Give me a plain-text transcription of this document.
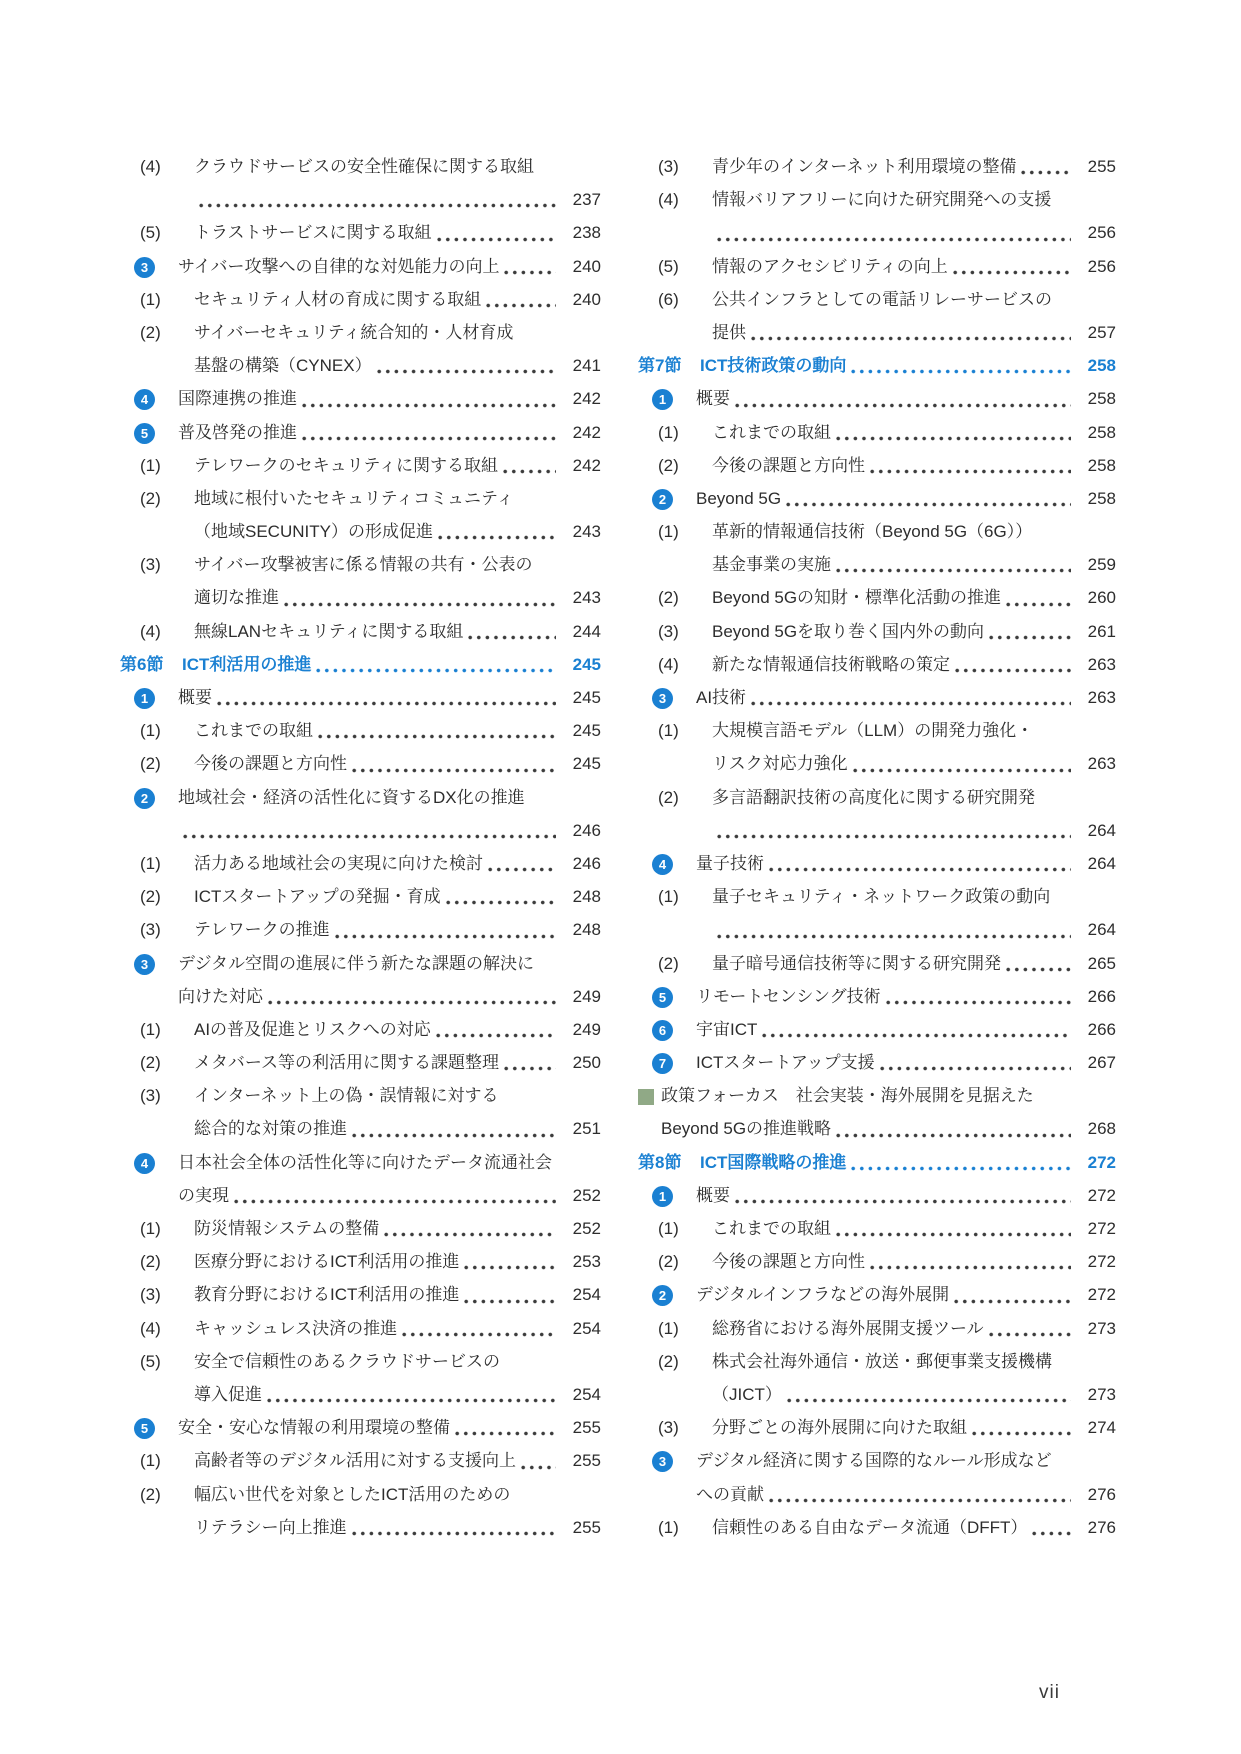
(4)	クラウドサービスの安全性確保に関する取組
237
(5)	トラストサービスに関する取組	238
3	サイバー攻撃への自律的な対処能力の向上	240
(1)	セキュリティ人材の育成に関する取組	240
(2)	サイバーセキュリティ統合知的・人材育成
基盤の構築（CYNEX）	241
4	国際連携の推進	242
5	普及啓発の推進	242
(1)	テレワークのセキュリティに関する取組	242
(2)	地域に根付いたセキュリティコミュニティ
（地域SECUNITY）の形成促進	243
(3)	サイバー攻撃被害に係る情報の共有・公表の
適切な推進	243
(4)	無線LANセキュリティに関する取組	244
第6節	ICT利活用の推進	245
1	概要	245
(1)	これまでの取組	245
(2)	今後の課題と方向性	245
2	地域社会・経済の活性化に資するDX化の推進
246
(1)	活力ある地域社会の実現に向けた検討	246
(2)	ICTスタートアップの発掘・育成	248
(3)	テレワークの推進	248
3	デジタル空間の進展に伴う新たな課題の解決に
向けた対応	249
(1)	AIの普及促進とリスクへの対応	249
(2)	メタバース等の利活用に関する課題整理	250
(3)	インターネット上の偽・誤情報に対する
総合的な対策の推進	251
4	日本社会全体の活性化等に向けたデータ流通社会
の実現	252
(1)	防災情報システムの整備	252
(2)	医療分野におけるICT利活用の推進	253
(3)	教育分野におけるICT利活用の推進	254
(4)	キャッシュレス決済の推進	254
(5)	安全で信頼性のあるクラウドサービスの
導入促進	254
5	安全・安心な情報の利用環境の整備	255
(1)	高齢者等のデジタル活用に対する支援向上	255
(2)	幅広い世代を対象としたICT活用のための
リテラシー向上推進	255
(3)	青少年のインターネット利用環境の整備	255
(4)	情報バリアフリーに向けた研究開発への支援
256
(5)	情報のアクセシビリティの向上	256
(6)	公共インフラとしての電話リレーサービスの
提供	257
第7節	ICT技術政策の動向	258
1	概要	258
(1)	これまでの取組	258
(2)	今後の課題と方向性	258
2	Beyond 5G	258
(1)	革新的情報通信技術（Beyond 5G（6G））
基金事業の実施	259
(2)	Beyond 5Gの知財・標準化活動の推進	260
(3)	Beyond 5Gを取り巻く国内外の動向	261
(4)	新たな情報通信技術戦略の策定	263
3	AI技術	263
(1)	大規模言語モデル（LLM）の開発力強化・
リスク対応力強化	263
(2)	多言語翻訳技術の高度化に関する研究開発
264
4	量子技術	264
(1)	量子セキュリティ・ネットワーク政策の動向
264
(2)	量子暗号通信技術等に関する研究開発	265
5	リモートセンシング技術	266
6	宇宙ICT	266
7	ICTスタートアップ支援	267
政策フォーカス　社会実装・海外展開を見据えた
Beyond 5Gの推進戦略	268
第8節	ICT国際戦略の推進	272
1	概要	272
(1)	これまでの取組	272
(2)	今後の課題と方向性	272
2	デジタルインフラなどの海外展開	272
(1)	総務省における海外展開支援ツール	273
(2)	株式会社海外通信・放送・郵便事業支援機構
（JICT）	273
(3)	分野ごとの海外展開に向けた取組	274
3	デジタル経済に関する国際的なルール形成など
への貢献	276
(1)	信頼性のある自由なデータ流通（DFFT）	276
vii
